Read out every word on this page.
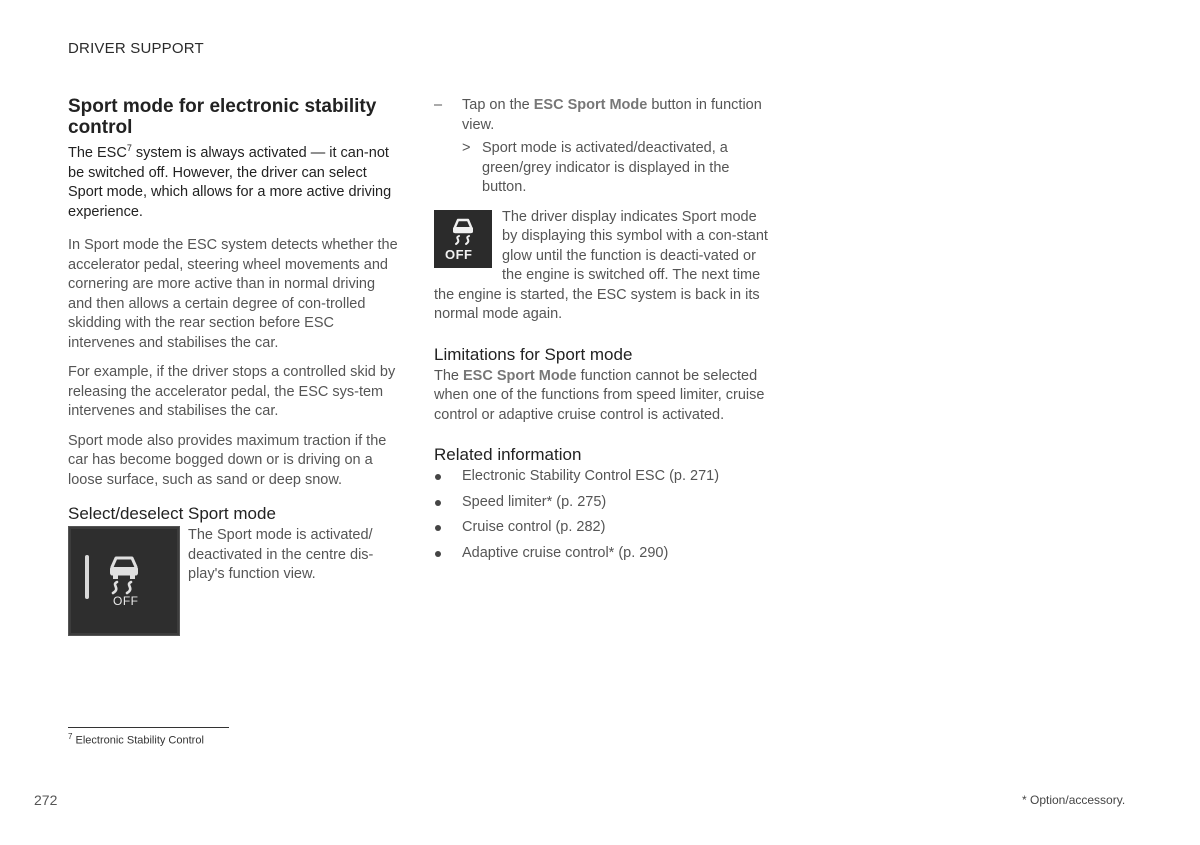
DRIVER SUPPORT
Sport mode for electronic stability control

The ESC$^7$ system is always activated — it can-not be switched off. However, the driver can select Sport mode, which allows for a more active driving experience.

In Sport mode the ESC system detects whether the accelerator pedal, steering wheel movements and cornering are more active than in normal driving and then allows a certain degree of con-trolled skidding with the rear section before ESC intervenes and stabilises the car.

For example, if the driver stops a controlled skid by releasing the accelerator pedal, the ESC sys-tem intervenes and stabilises the car.

Sport mode also provides maximum traction if the car has become bogged down or is driving on a loose surface, such as sand or deep snow.

Select/deselect Sport mode
OFF

The Sport mode is activated/ deactivated in the centre dis-play's function view.

– Tap on the ESC Sport Mode button in function view.
> Sport mode is activated/deactivated, a green/grey indicator is displayed in the button.
OFF
The driver display indicates Sport mode by displaying this symbol with a con-stant glow until the function is deacti-vated or the engine is switched off. The next time the engine is started, the ESC system is back in its normal mode again.
Limitations for Sport mode

The ESC Sport Mode function cannot be selected when one of the functions from speed limiter, cruise control or adaptive cruise control is activated.

Related information
Electronic Stability Control ESC (p. 271)
Speed limiter* (p. 275)
Cruise control (p. 282)
Adaptive cruise control* (p. 290)
$^7$ Electronic Stability Control
272	* Option/accessory.
